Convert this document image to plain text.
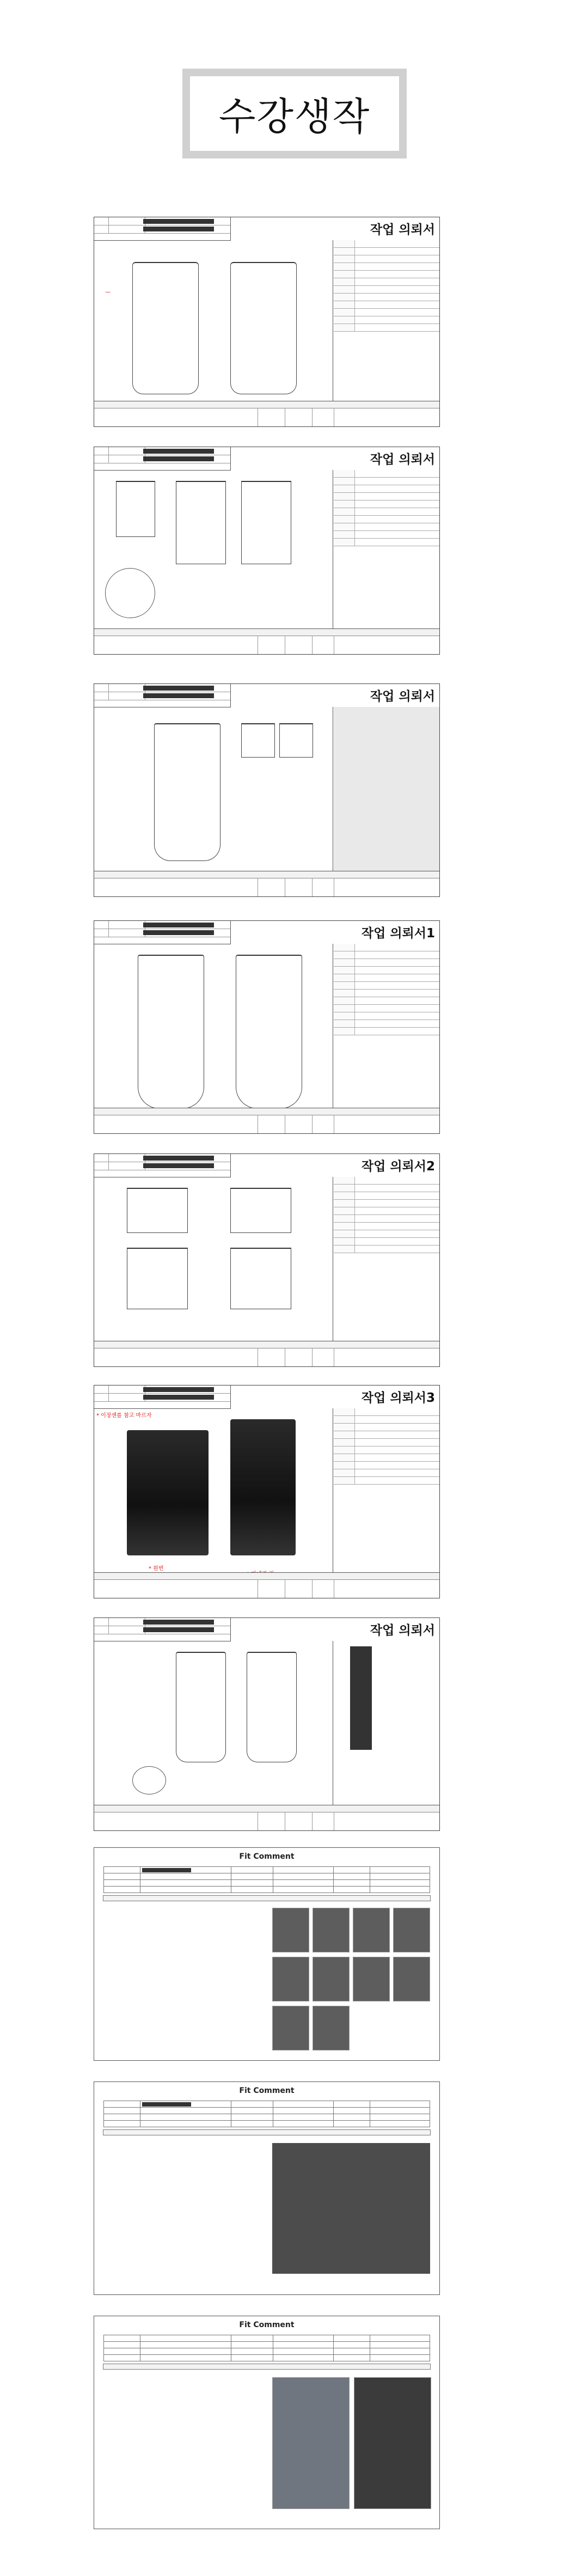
수강생작
작업 의뢰서
—
작업 의뢰서
작업 의뢰서
작업 의뢰서1
작업 의뢰서2
작업 의뢰서3
* 이장센를 참고 마르자
* 원번
작업 의뢰서
Fit Comment

Fit Comment

Fit Comment
